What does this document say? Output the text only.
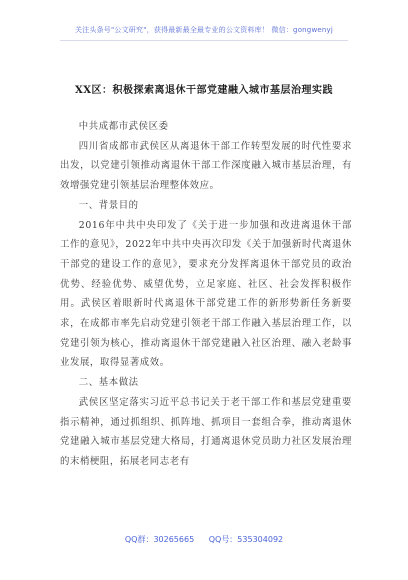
关注头条号"公文研究"，获得最新最全最专业的公文资料库！ 微信：gongwenyj
XX区：积极探索离退休干部党建融入城市基层治理实践

中共成都市武侯区委

四川省成都市武侯区从离退休干部工作转型发展的时代性要求出发，以党建引领推动离退休干部工作深度融入城市基层治理，有效增强党建引领基层治理整体效应。

一、背景目的

2016年中共中央印发了《关于进一步加强和改进离退休干部工作的意见》，2022年中共中央再次印发《关于加强新时代离退休干部党的建设工作的意见》，要求充分发挥离退休干部党员的政治优势、经验优势、威望优势，立足家庭、社区、社会发挥积极作用。武侯区着眼新时代离退休干部党建工作的新形势新任务新要求，在成都市率先启动党建引领老干部工作融入基层治理工作，以党建引领为核心，推动离退休干部党建融入社区治理、融入老龄事业发展，取得显著成效。

二、基本做法

武侯区坚定落实习近平总书记关于老干部工作和基层党建重要指示精神，通过抓组织、抓阵地、抓项目一套组合拳，推动离退休党建融入城市基层党建大格局，打通离退休党员助力社区发展治理的末梢梗阻，拓展老同志老有

QQ群：30265665 QQ号：535304092
